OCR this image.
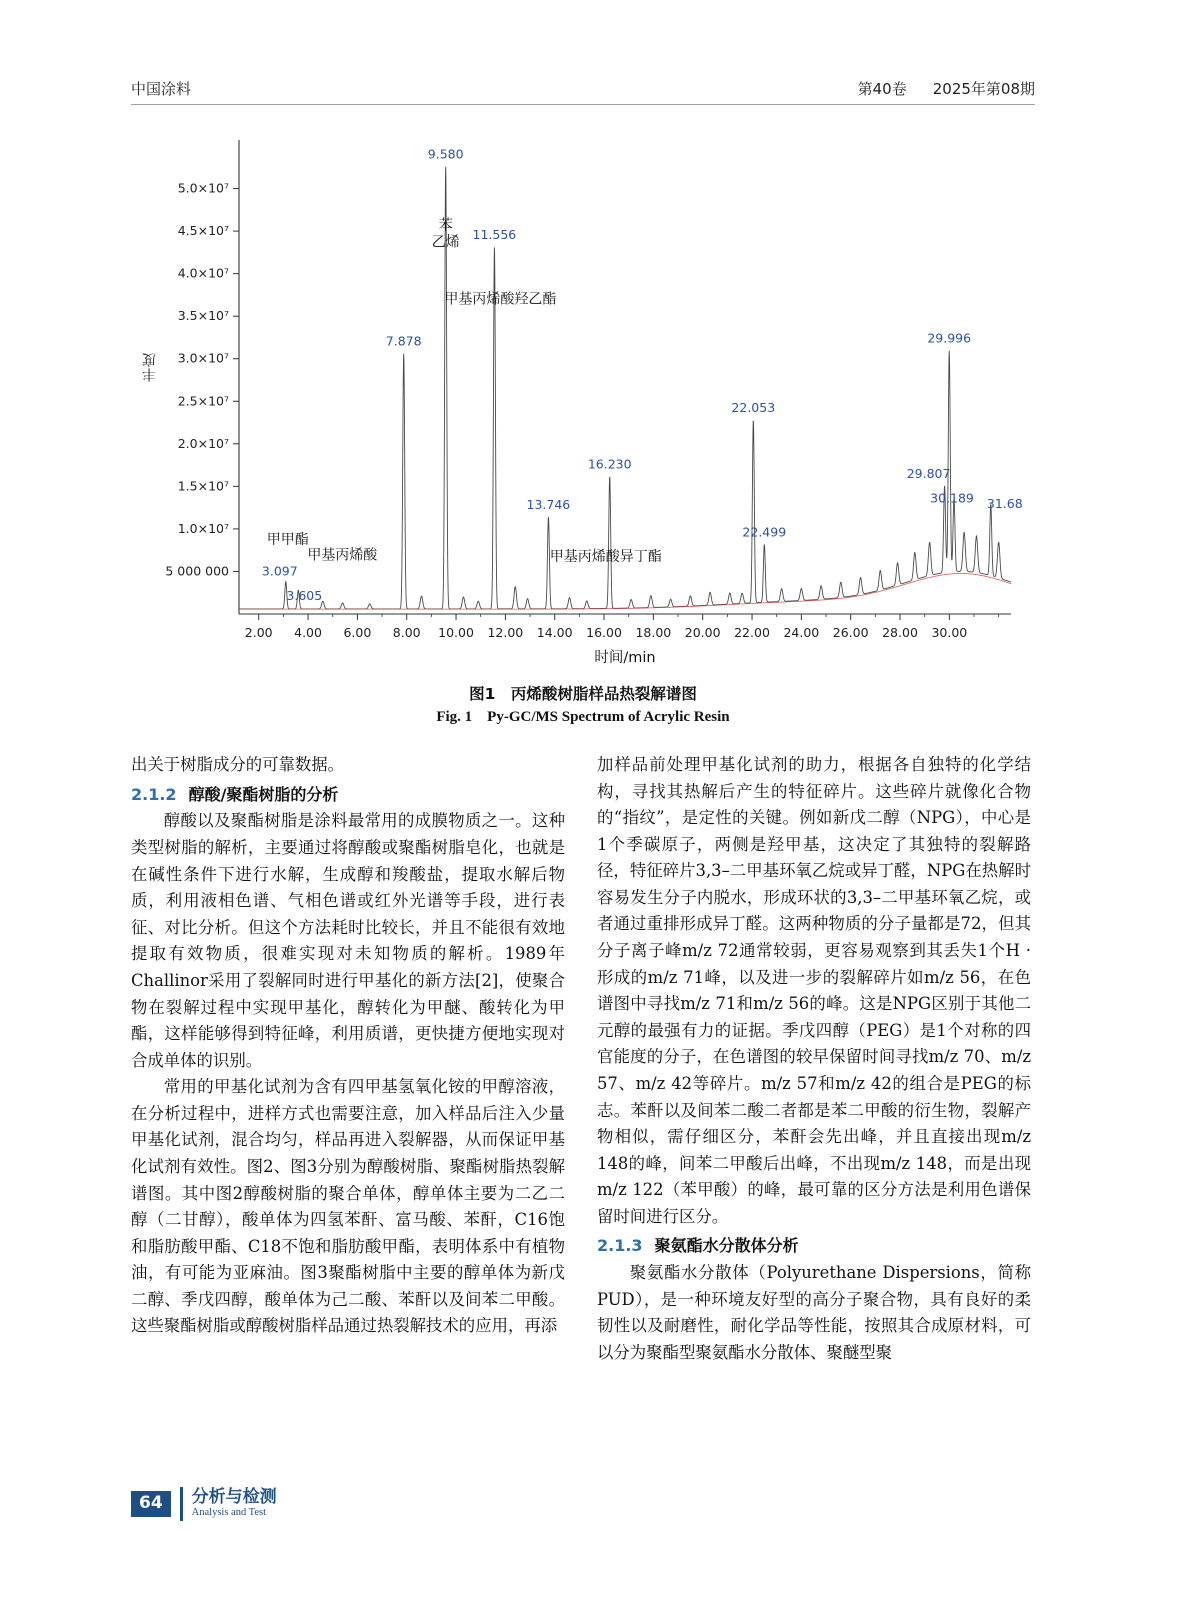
中国涂料	第40卷 2025年第08期
5 000 000
1.0×10⁷
1.5×10⁷
2.0×10⁷
2.5×10⁷
3.0×10⁷
3.5×10⁷
4.0×10⁷
4.5×10⁷
5.0×10⁷
2.00 4.00 6.00 8.00 10.00 12.00 14.00 16.00 18.00 20.00 22.00 24.00 26.00 28.00 30.00
时间/min
3.097
3.605
7.878
9.580
11.556
13.746
16.230
22.053
22.499
29.807
29.996
30.189 31.68
苯
乙烯
甲基丙烯酸羟乙酯
甲基丙烯酸异丁酯
甲甲酯
甲基丙烯酸
丰度
图1　丙烯酸树脂样品热裂解谱图
Fig. 1　Py-GC/MS Spectrum of Acrylic Resin

出关于树脂成分的可靠数据。

2.1.2 醇酸/聚酯树脂的分析

醇酸以及聚酯树脂是涂料最常用的成膜物质之一。这种类型树脂的解析，主要通过将醇酸或聚酯树脂皂化，也就是在碱性条件下进行水解，生成醇和羧酸盐，提取水解后物质，利用液相色谱、气相色谱或红外光谱等手段，进行表征、对比分析。但这个方法耗时比较长，并且不能很有效地提取有效物质，很难实现对未知物质的解析。1989年Challinor采用了裂解同时进行甲基化的新方法[2]，使聚合物在裂解过程中实现甲基化，醇转化为甲醚、酸转化为甲酯，这样能够得到特征峰，利用质谱，更快捷方便地实现对合成单体的识别。

常用的甲基化试剂为含有四甲基氢氧化铵的甲醇溶液，在分析过程中，进样方式也需要注意，加入样品后注入少量甲基化试剂，混合均匀，样品再进入裂解器，从而保证甲基化试剂有效性。图2、图3分别为醇酸树脂、聚酯树脂热裂解谱图。其中图2醇酸树脂的聚合单体，醇单体主要为二乙二醇（二甘醇），酸单体为四氢苯酐、富马酸、苯酐，C16饱和脂肪酸甲酯、C18不饱和脂肪酸甲酯，表明体系中有植物油，有可能为亚麻油。图3聚酯树脂中主要的醇单体为新戊二醇、季戊四醇，酸单体为己二酸、苯酐以及间苯二甲酸。这些聚酯树脂或醇酸树脂样品通过热裂解技术的应用，再添

加样品前处理甲基化试剂的助力，根据各自独特的化学结构，寻找其热解后产生的特征碎片。这些碎片就像化合物的“指纹”，是定性的关键。例如新戊二醇（NPG），中心是1个季碳原子，两侧是羟甲基，这决定了其独特的裂解路径，特征碎片3,3–二甲基环氧乙烷或异丁醛，NPG在热解时容易发生分子内脱水，形成环状的3,3–二甲基环氧乙烷，或者通过重排形成异丁醛。这两种物质的分子量都是72，但其分子离子峰m/z 72通常较弱，更容易观察到其丢失1个H · 形成的m/z 71峰，以及进一步的裂解碎片如m/z 56，在色谱图中寻找m/z 71和m/z 56的峰。这是NPG区别于其他二元醇的最强有力的证据。季戊四醇（PEG）是1个对称的四官能度的分子，在色谱图的较早保留时间寻找m/z 70、m/z 57、m/z 42等碎片。m/z 57和m/z 42的组合是PEG的标志。苯酐以及间苯二酸二者都是苯二甲酸的衍生物，裂解产物相似，需仔细区分，苯酐会先出峰，并且直接出现m/z 148的峰，间苯二甲酸后出峰，不出现m/z 148，而是出现m/z 122（苯甲酸）的峰，最可靠的区分方法是利用色谱保留时间进行区分。

2.1.3 聚氨酯水分散体分析

聚氨酯水分散体（Polyurethane Dispersions，简称PUD），是一种环境友好型的高分子聚合物，具有良好的柔韧性以及耐磨性，耐化学品等性能，按照其合成原材料，可以分为聚酯型聚氨酯水分散体、聚醚型聚

64	分析与检测
Analysis and Test
